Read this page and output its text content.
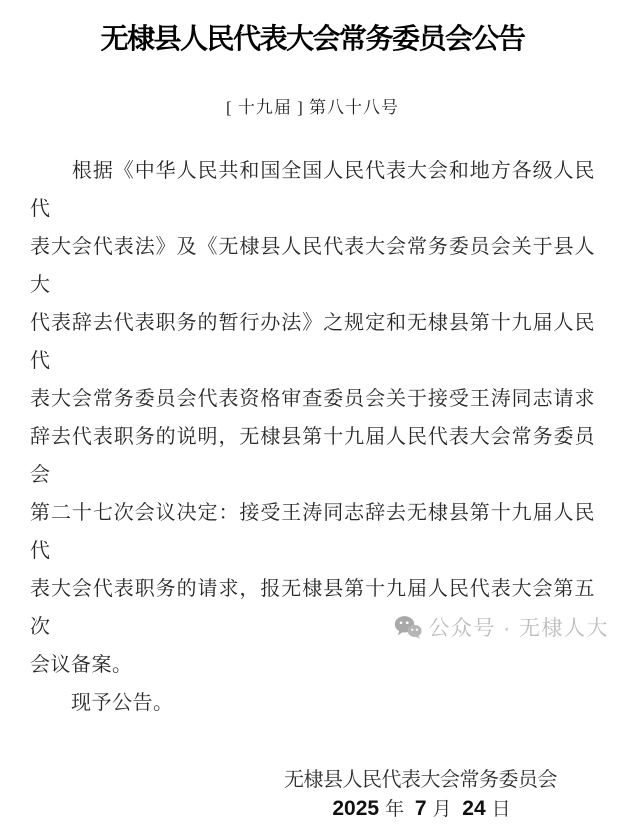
无棣县人民代表大会常务委员会公告
[ 十九届 ] 第八十八号
　　根据《中华人民共和国全国人民代表大会和地方各级人民代
表大会代表法》及《无棣县人民代表大会常务委员会关于县人大
代表辞去代表职务的暂行办法》之规定和无棣县第十九届人民代
表大会常务委员会代表资格审查委员会关于接受王涛同志请求
辞去代表职务的说明，无棣县第十九届人民代表大会常务委员会
第二十七次会议决定：接受王涛同志辞去无棣县第十九届人民代
表大会代表职务的请求，报无棣县第十九届人民代表大会第五次
会议备案。
　　现予公告。
无棣县人民代表大会常务委员会
2025 年 7 月 24 日
公众号 · 无棣人大
